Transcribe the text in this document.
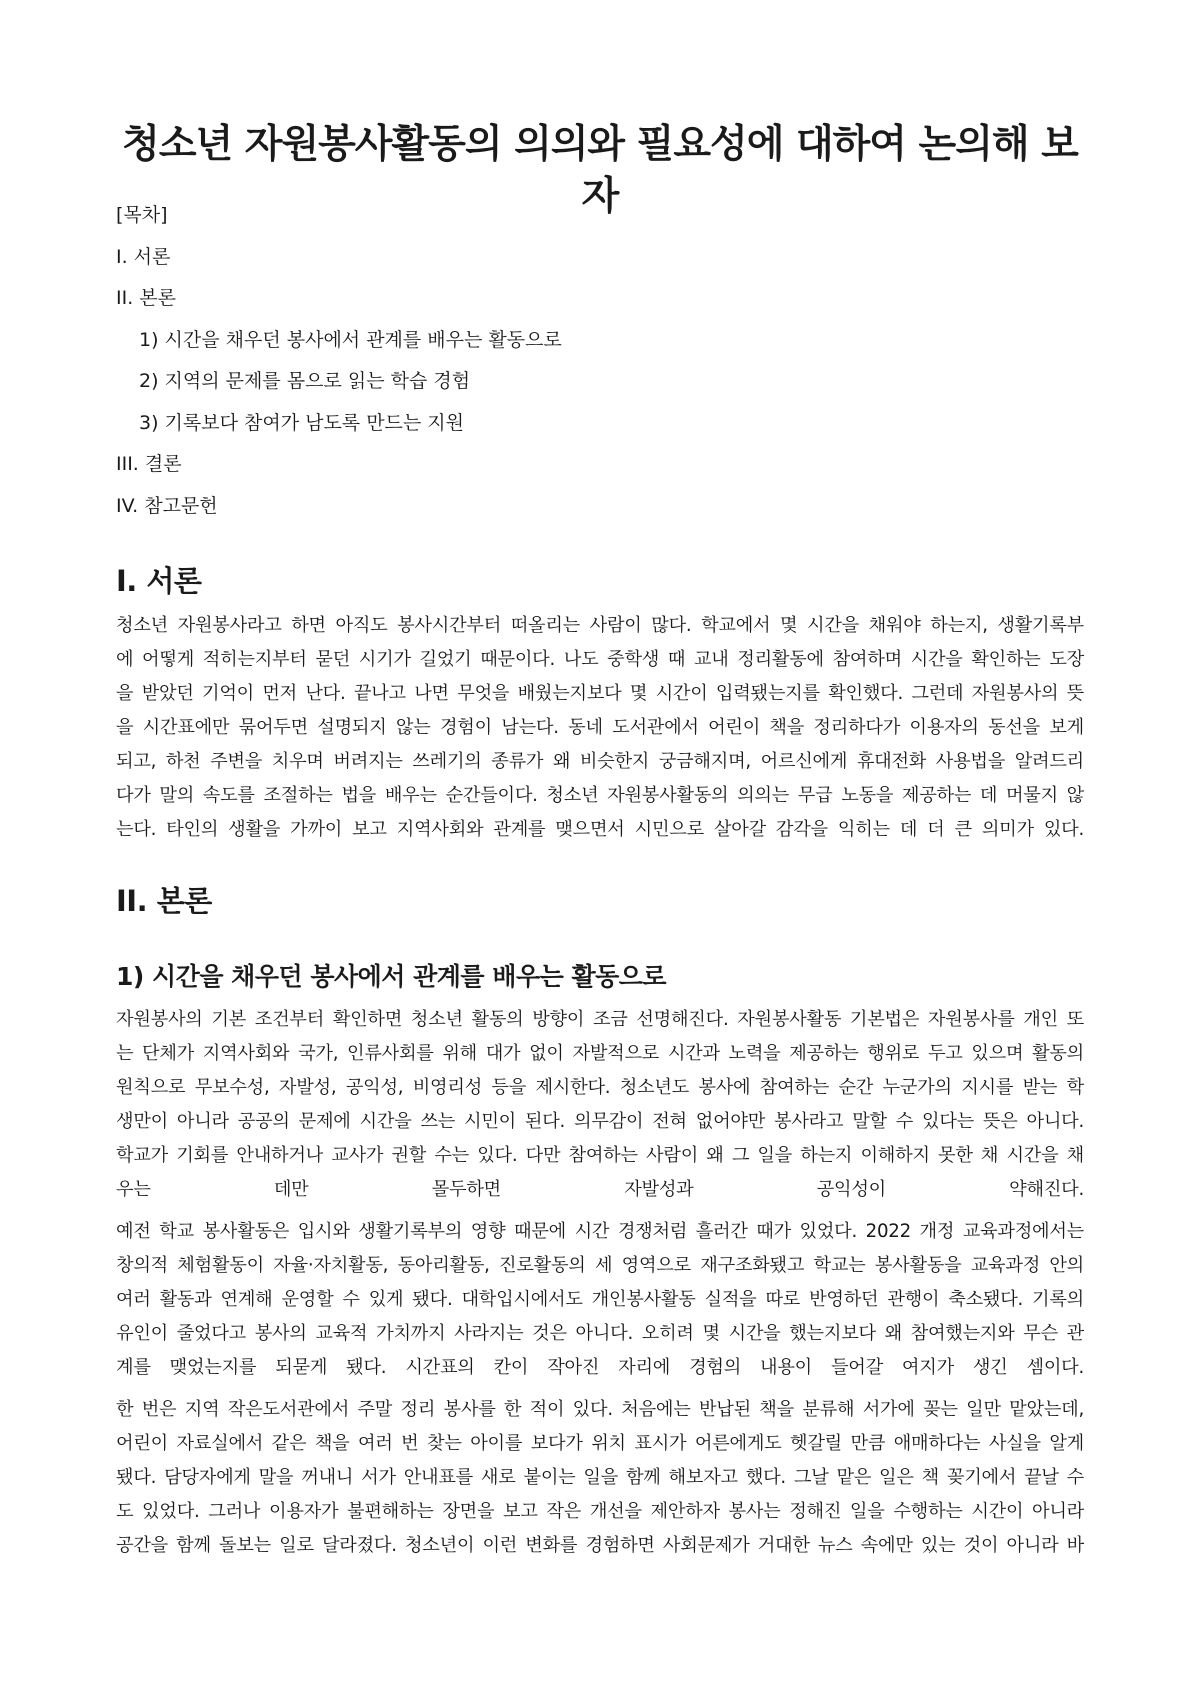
청소년 자원봉사활동의 의의와 필요성에 대하여 논의해 보자
[목차]
I. 서론
II. 본론
1) 시간을 채우던 봉사에서 관계를 배우는 활동으로
2) 지역의 문제를 몸으로 읽는 학습 경험
3) 기록보다 참여가 남도록 만드는 지원
III. 결론
IV. 참고문헌
I. 서론

청소년 자원봉사라고 하면 아직도 봉사시간부터 떠올리는 사람이 많다. 학교에서 몇 시간을 채워야 하는지, 생활기록부
에 어떻게 적히는지부터 묻던 시기가 길었기 때문이다. 나도 중학생 때 교내 정리활동에 참여하며 시간을 확인하는 도장
을 받았던 기억이 먼저 난다. 끝나고 나면 무엇을 배웠는지보다 몇 시간이 입력됐는지를 확인했다. 그런데 자원봉사의 뜻
을 시간표에만 묶어두면 설명되지 않는 경험이 남는다. 동네 도서관에서 어린이 책을 정리하다가 이용자의 동선을 보게
되고, 하천 주변을 치우며 버려지는 쓰레기의 종류가 왜 비슷한지 궁금해지며, 어르신에게 휴대전화 사용법을 알려드리
다가 말의 속도를 조절하는 법을 배우는 순간들이다. 청소년 자원봉사활동의 의의는 무급 노동을 제공하는 데 머물지 않
는다. 타인의 생활을 가까이 보고 지역사회와 관계를 맺으면서 시민으로 살아갈 감각을 익히는 데 더 큰 의미가 있다.

II. 본론
1) 시간을 채우던 봉사에서 관계를 배우는 활동으로

자원봉사의 기본 조건부터 확인하면 청소년 활동의 방향이 조금 선명해진다. 자원봉사활동 기본법은 자원봉사를 개인 또
는 단체가 지역사회와 국가, 인류사회를 위해 대가 없이 자발적으로 시간과 노력을 제공하는 행위로 두고 있으며 활동의
원칙으로 무보수성, 자발성, 공익성, 비영리성 등을 제시한다. 청소년도 봉사에 참여하는 순간 누군가의 지시를 받는 학
생만이 아니라 공공의 문제에 시간을 쓰는 시민이 된다. 의무감이 전혀 없어야만 봉사라고 말할 수 있다는 뜻은 아니다.
학교가 기회를 안내하거나 교사가 권할 수는 있다. 다만 참여하는 사람이 왜 그 일을 하는지 이해하지 못한 채 시간을 채
우는 데만 몰두하면 자발성과 공익성이 약해진다.

예전 학교 봉사활동은 입시와 생활기록부의 영향 때문에 시간 경쟁처럼 흘러간 때가 있었다. 2022 개정 교육과정에서는
창의적 체험활동이 자율·자치활동, 동아리활동, 진로활동의 세 영역으로 재구조화됐고 학교는 봉사활동을 교육과정 안의
여러 활동과 연계해 운영할 수 있게 됐다. 대학입시에서도 개인봉사활동 실적을 따로 반영하던 관행이 축소됐다. 기록의
유인이 줄었다고 봉사의 교육적 가치까지 사라지는 것은 아니다. 오히려 몇 시간을 했는지보다 왜 참여했는지와 무슨 관
계를 맺었는지를 되묻게 됐다. 시간표의 칸이 작아진 자리에 경험의 내용이 들어갈 여지가 생긴 셈이다.

한 번은 지역 작은도서관에서 주말 정리 봉사를 한 적이 있다. 처음에는 반납된 책을 분류해 서가에 꽂는 일만 맡았는데,
어린이 자료실에서 같은 책을 여러 번 찾는 아이를 보다가 위치 표시가 어른에게도 헷갈릴 만큼 애매하다는 사실을 알게
됐다. 담당자에게 말을 꺼내니 서가 안내표를 새로 붙이는 일을 함께 해보자고 했다. 그날 맡은 일은 책 꽂기에서 끝날 수
도 있었다. 그러나 이용자가 불편해하는 장면을 보고 작은 개선을 제안하자 봉사는 정해진 일을 수행하는 시간이 아니라
공간을 함께 돌보는 일로 달라졌다. 청소년이 이런 변화를 경험하면 사회문제가 거대한 뉴스 속에만 있는 것이 아니라 바
